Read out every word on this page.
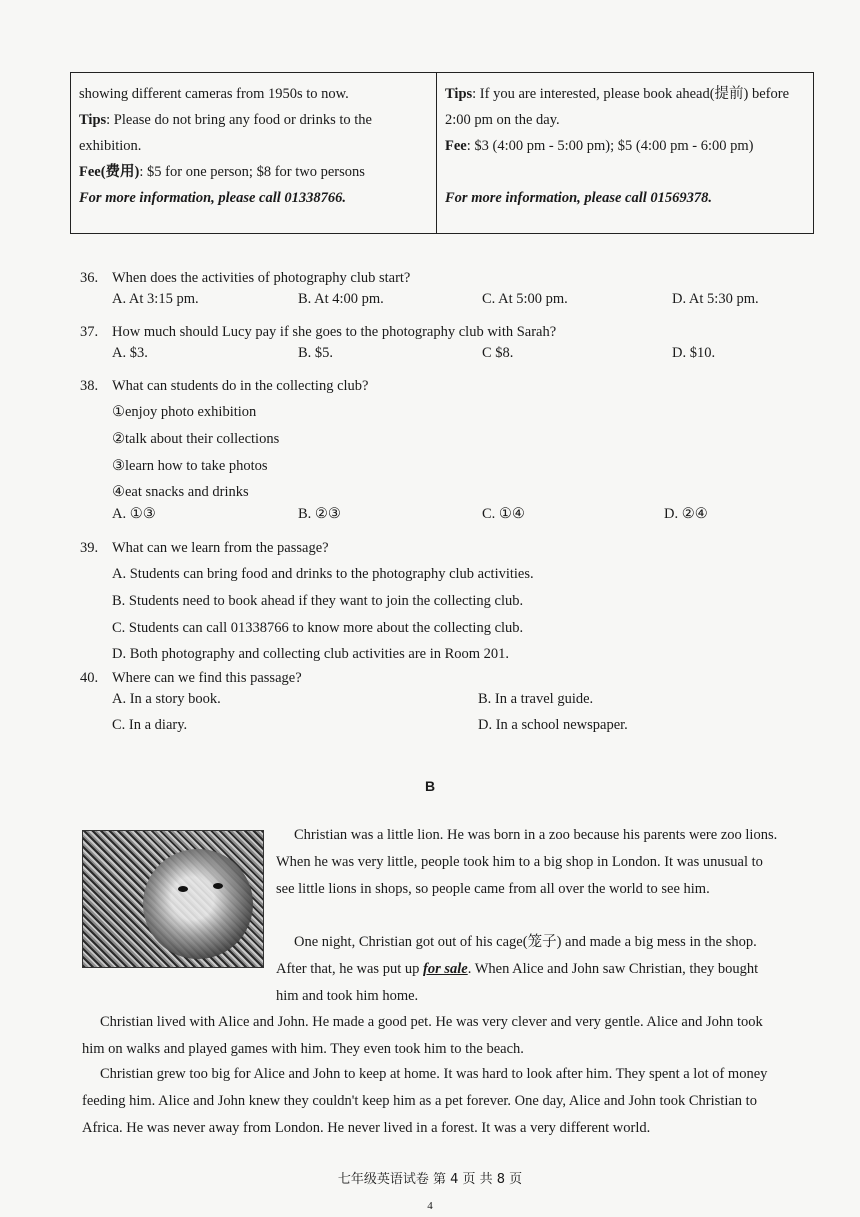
showing different cameras from 1950s to now.

Tips: Please do not bring any food or drinks to the exhibition.

Fee(费用): $5 for one person; $8 for two persons

For more information, please call 01338766.

Tips: If you are interested, please book ahead(提前) before 2:00 pm on the day.

Fee: $3 (4:00 pm - 5:00 pm); $5 (4:00 pm - 6:00 pm)

For more information, please call 01569378.

36. When does the activities of photography club start?
A. At 3:15 pm.	B. At 4:00 pm.	C. At 5:00 pm.	D. At 5:30 pm.
37. How much should Lucy pay if she goes to the photography club with Sarah?
A. $3.	B. $5.	C $8.	D. $10.
38. What can students do in the collecting club?
①enjoy photo exhibition
②talk about their collections
③learn how to take photos
④eat snacks and drinks
A. ①③	B. ②③	C. ①④	D. ②④
39. What can we learn from the passage?
A. Students can bring food and drinks to the photography club activities.
B. Students need to book ahead if they want to join the collecting club.
C. Students can call 01338766 to know more about the collecting club.
D. Both photography and collecting club activities are in Room 201.
40. Where can we find this passage?
A. In a story book.	B. In a travel guide.
C. In a diary.	D. In a school newspaper.
B

Christian was a little lion. He was born in a zoo because his parents were zoo lions. When he was very little, people took him to a big shop in London. It was unusual to see little lions in shops, so people came from all over the world to see him.

One night, Christian got out of his cage(笼子) and made a big mess in the shop. After that, he was put up for sale. When Alice and John saw Christian, they bought him and took him home.

Christian lived with Alice and John. He made a good pet. He was very clever and very gentle. Alice and John took him on walks and played games with him. They even took him to the beach.

Christian grew too big for Alice and John to keep at home. It was hard to look after him. They spent a lot of money feeding him. Alice and John knew they couldn't keep him as a pet forever. One day, Alice and John took Christian to Africa. He was never away from London. He never lived in a forest. It was a very different world.

七年级英语试卷 第 4 页 共 8 页
4
